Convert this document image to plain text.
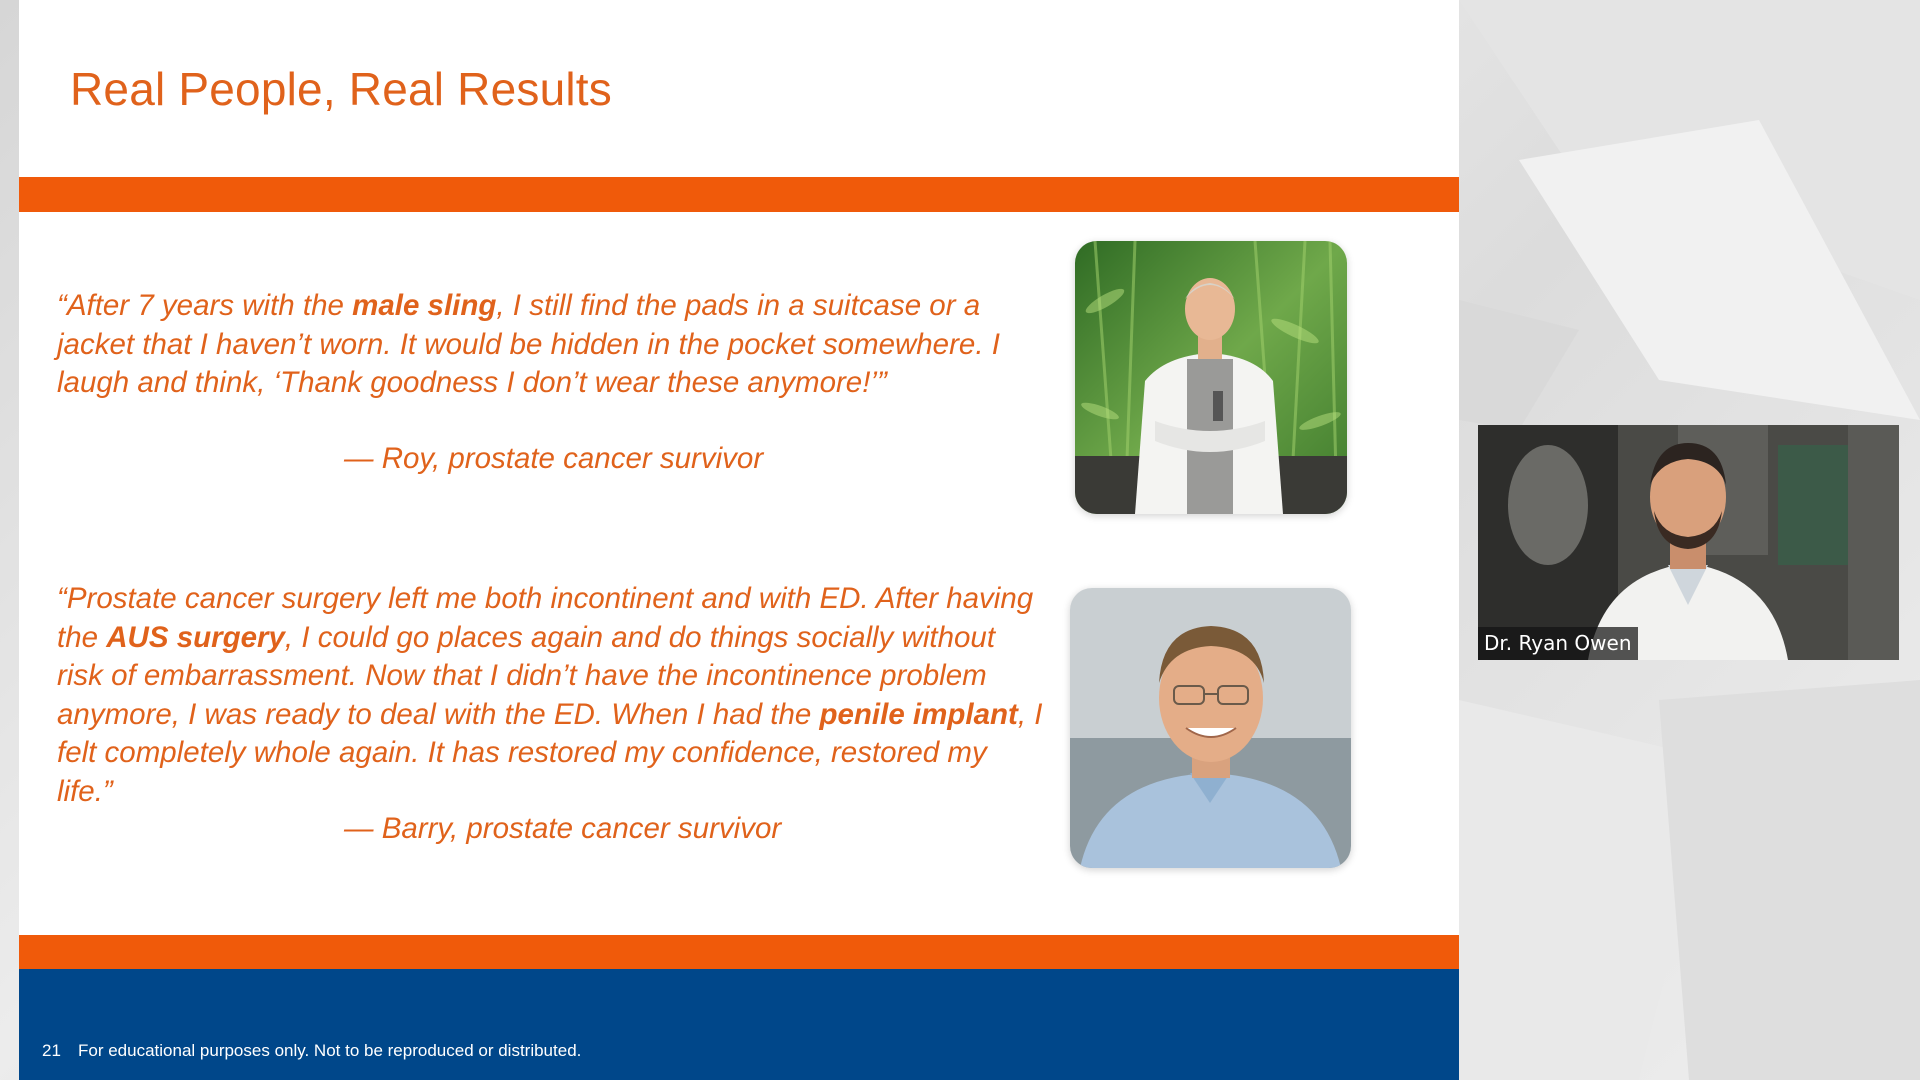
Real People, Real Results

“After 7 years with the male sling, I still find the pads in a suitcase or a jacket that I haven’t worn. It would be hidden in the pocket somewhere. I laugh and think, ‘Thank goodness I don’t wear these anymore!’”

— Roy, prostate cancer survivor

“Prostate cancer surgery left me both incontinent and with ED. After having the AUS surgery, I could go places again and do things socially without risk of embarrassment. Now that I didn’t have the incontinence problem anymore, I was ready to deal with the ED. When I had the penile implant, I felt completely whole again. It has restored my confidence, restored my life.”

— Barry, prostate cancer survivor

21 For educational purposes only. Not to be reproduced or distributed.
Dr. Ryan Owen
